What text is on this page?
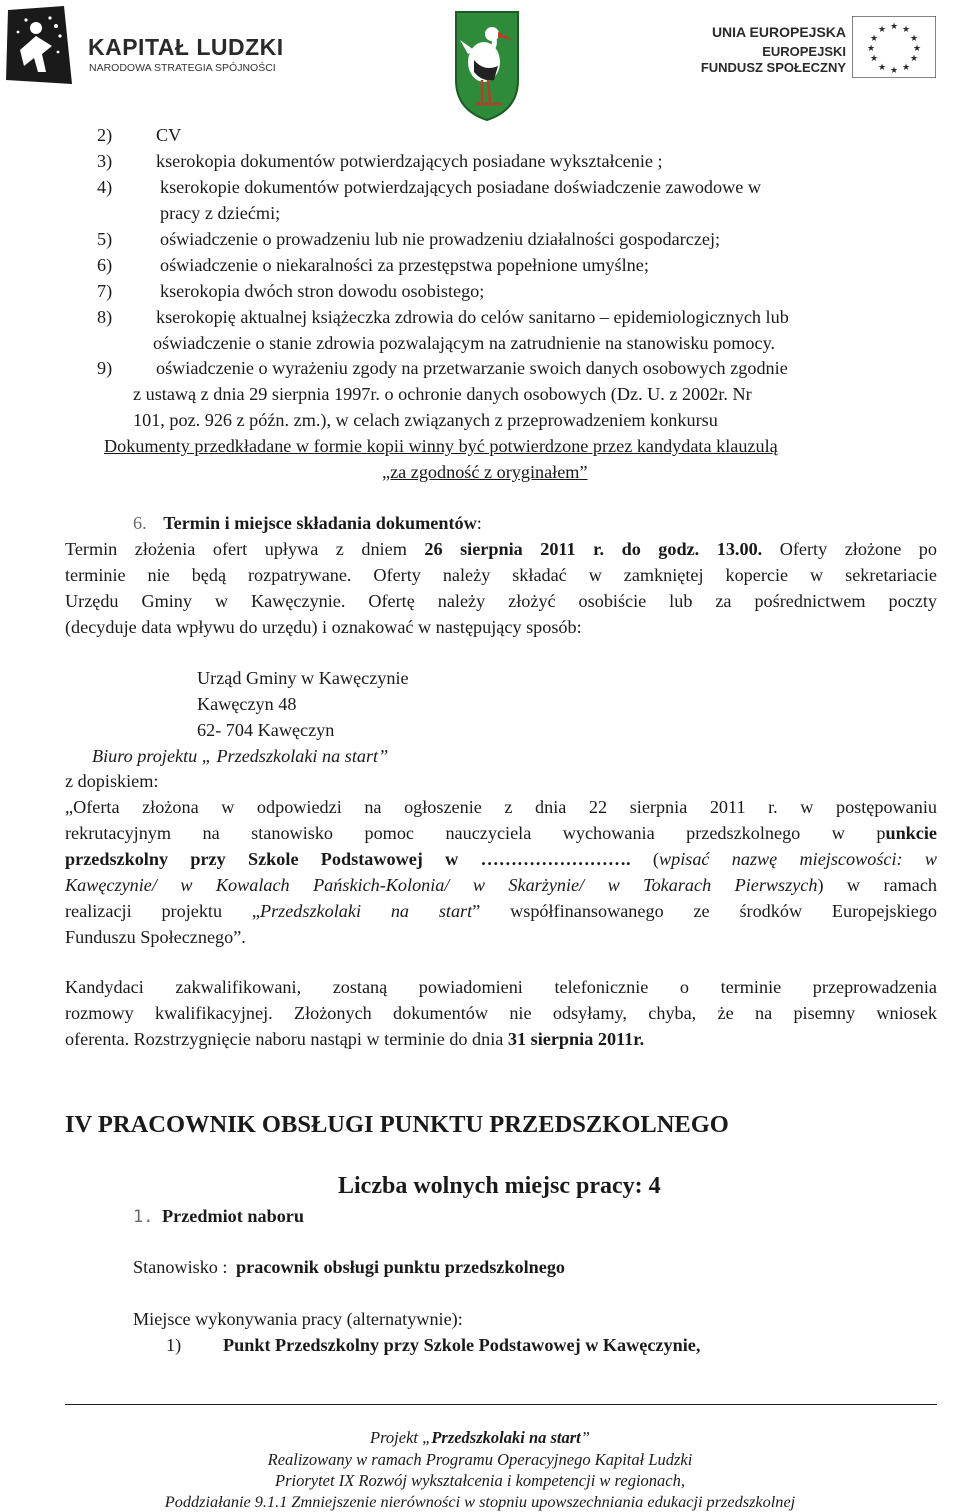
KAPITAŁ LUDZKI
NARODOWA STRATEGIA SPÓJNOŚCI
UNIA EUROPEJSKA
EUROPEJSKI
FUNDUSZ SPOŁECZNY
★ ★
★
★
★
★
★
★
★
★
★
★
2) CV
3) kserokopia dokumentów potwierdzających posiadane wykształcenie ;
4)	kserokopie dokumentów potwierdzających posiadane doświadczenie zawodowe w
pracy z dziećmi;
5)	oświadczenie o prowadzeniu lub nie prowadzeniu działalności gospodarczej;
6)	oświadczenie o niekaralności za przestępstwa popełnione umyślne;
7)	kserokopia dwóch stron dowodu osobistego;
8) kserokopię aktualnej książeczka zdrowia do celów sanitarno – epidemiologicznych lub
oświadczenie o stanie zdrowia pozwalającym na zatrudnienie na stanowisku pomocy.
9) oświadczenie o wyrażeniu zgody na przetwarzanie swoich danych osobowych zgodnie
z ustawą z dnia 29 sierpnia 1997r. o ochronie danych osobowych (Dz. U. z 2002r. Nr
101, poz. 926 z późn. zm.), w celach związanych z przeprowadzeniem konkursu
Dokumenty przedkładane w formie kopii winny być potwierdzone przez kandydata klauzulą
„za zgodność z oryginałem”
6. Termin i miejsce składania dokumentów:
Termin złożenia ofert upływa z dniem 26 sierpnia 2011 r. do godz. 13.00. Oferty złożone po
terminie nie będą rozpatrywane. Oferty należy składać w zamkniętej kopercie w sekretariacie
Urzędu Gminy w Kawęczynie. Ofertę należy złożyć osobiście lub za pośrednictwem poczty
(decyduje data wpływu do urzędu) i oznakować w następujący sposób:
Urząd Gminy w Kawęczynie
Kawęczyn 48
62- 704 Kawęczyn
Biuro projektu „ Przedszkolaki na start”
z dopiskiem:
„Oferta złożona w odpowiedzi na ogłoszenie z dnia 22 sierpnia 2011 r. w postępowaniu
rekrutacyjnym na stanowisko pomoc nauczyciela wychowania przedszkolnego w punkcie
przedszkolny przy Szkole Podstawowej w ……………………. (wpisać nazwę miejscowości: w
Kawęczynie/ w Kowalach Pańskich-Kolonia/ w Skarżynie/ w Tokarach Pierwszych) w ramach
realizacji projektu „Przedszkolaki na start” współfinansowanego ze środków Europejskiego
Funduszu Społecznego”.
Kandydaci zakwalifikowani, zostaną powiadomieni telefonicznie o terminie przeprowadzenia
rozmowy kwalifikacyjnej. Złożonych dokumentów nie odsyłamy, chyba, że na pisemny wniosek
oferenta. Rozstrzygnięcie naboru nastąpi w terminie do dnia 31 sierpnia 2011r.
IV PRACOWNIK OBSŁUGI PUNKTU PRZEDSZKOLNEGO
Liczba wolnych miejsc pracy: 4
1. Przedmiot naboru
Stanowisko : pracownik obsługi punktu przedszkolnego
Miejsce wykonywania pracy (alternatywnie):
1) Punkt Przedszkolny przy Szkole Podstawowej w Kawęczynie,
Projekt „Przedszkolaki na start”
Realizowany w ramach Programu Operacyjnego Kapitał Ludzki
Priorytet IX Rozwój wykształcenia i kompetencji w regionach,
Poddziałanie 9.1.1 Zmniejszenie nierówności w stopniu upowszechniania edukacji przedszkolnej
